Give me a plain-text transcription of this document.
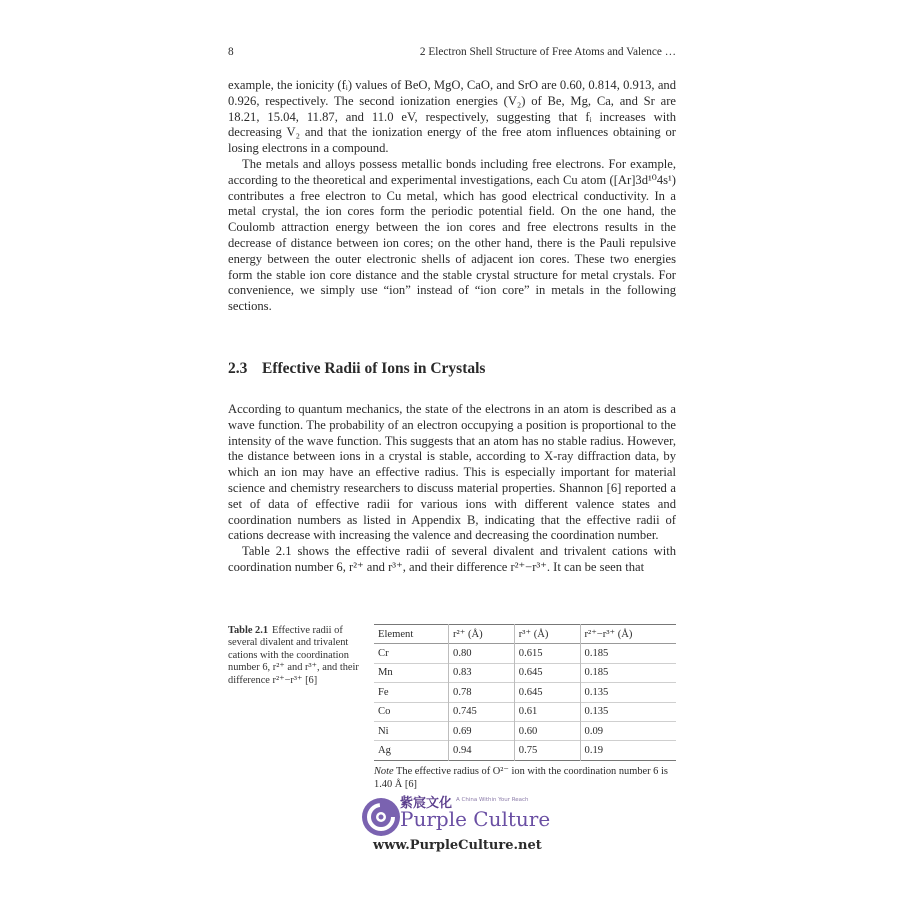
8	2 Electron Shell Structure of Free Atoms and Valence …

example, the ionicity (fᵢ) values of BeO, MgO, CaO, and SrO are 0.60, 0.814, 0.913, and 0.926, respectively. The second ionization energies (V₂) of Be, Mg, Ca, and Sr are 18.21, 15.04, 11.87, and 11.0 eV, respectively, suggesting that fᵢ increases with decreasing V₂ and that the ionization energy of the free atom influences obtaining or losing electrons in a compound.

The metals and alloys possess metallic bonds including free electrons. For example, according to the theoretical and experimental investigations, each Cu atom ([Ar]3d¹⁰4s¹) contributes a free electron to Cu metal, which has good electrical conductivity. In a metal crystal, the ion cores form the periodic potential field. On the one hand, the Coulomb attraction energy between the ion cores and free electrons results in the decrease of distance between ion cores; on the other hand, there is the Pauli repulsive energy between the outer electronic shells of adjacent ion cores. These two energies form the stable ion core distance and the stable crystal structure for metal crystals. For convenience, we simply use “ion” instead of “ion core” in metals in the following sections.

2.3 Effective Radii of Ions in Crystals

According to quantum mechanics, the state of the electrons in an atom is described as a wave function. The probability of an electron occupying a position is proportional to the intensity of the wave function. This suggests that an atom has no stable radius. However, the distance between ions in a crystal is stable, according to X-ray diffraction data, by which an ion may have an effective radius. This is especially important for material science and chemistry researchers to discuss material properties. Shannon [6] reported a set of data of effective radii for various ions with different valence states and coordination numbers as listed in Appendix B, indicating that the effective radii of cations decrease with increasing the valence and decreasing the coordination number.

Table 2.1 shows the effective radii of several divalent and trivalent cations with coordination number 6, r²⁺ and r³⁺, and their difference r²⁺−r³⁺. It can be seen that

Table 2.1 Effective radii of several divalent and trivalent cations with the coordination number 6, r²⁺ and r³⁺, and their difference r²⁺−r³⁺ [6]
Element	r²⁺ (Å)	r³⁺ (Å)	r²⁺−r³⁺ (Å)
Cr	0.80	0.615	0.185
Mn	0.83	0.645	0.185
Fe	0.78	0.645	0.135
Co	0.745	0.61	0.135
Ni	0.69	0.60	0.09
Ag	0.94	0.75	0.19
Note The effective radius of O²⁻ ion with the coordination number 6 is 1.40 Å [6]
紫宸文化 A China Within Your Reach
Purple Culture
www.PurpleCulture.net
